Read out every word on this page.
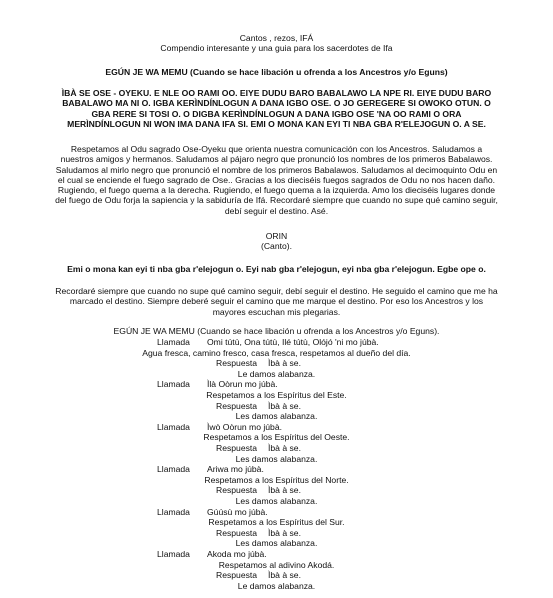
Cantos , rezos, IFÁ

Compendio interesante y una guia para los sacerdotes de Ifa

EGÚN JE WA MEMU (Cuando se hace libación u ofrenda a los Ancestros y/o Eguns)

ÌBÀ SE OSE - OYEKU. E NLE OO RAMI OO. EIYE DUDU BARO BABALAWO LA NPE RI. EIYE DUDU BARO

BABALAWO MA NI O. IGBA KERÌNDÍNLOGUN A DANA IGBO OSE. O JO GEREGERE SI OWOKO OTUN. O

GBA RERE SI TOSI O. O DIGBA KERÌNDÍNLOGUN A DANA IGBO OSE 'NA OO RAMI O ORA

MERÌNDÍNLOGUN NI WON IMA DANA IFA SI. EMI O MONA KAN EYI TI NBA GBA R'ELEJOGUN O. A SE.

Respetamos al Odu sagrado Ose-Oyeku que orienta nuestra comunicación con los Ancestros. Saludamos a

nuestros amigos y hermanos. Saludamos al pájaro negro que pronunció los nombres de los primeros Babalawos.

Saludamos al mirlo negro que pronunció el nombre de los primeros Babalawos. Saludamos al decimoquinto Odu en

el cual se enciende el fuego sagrado de Ose.. Gracias a los dieciséis fuegos sagrados de Odu no nos hacen daño.

Rugiendo, el fuego quema a la derecha. Rugiendo, el fuego quema a la izquierda. Amo los dieciséis lugares donde

del fuego de Odu forja la sapiencia y la sabiduría de Ifá. Recordaré siempre que cuando no supe qué camino seguir,

debí seguir el destino. Asé.

ORIN

(Canto).

Emi o mona kan eyi ti nba gba r'elejogun o. Eyi nab gba r'elejogun, eyi nba gba r'elejogun. Egbe ope o.

Recordaré siempre que cuando no supe qué camino seguir, debí seguir el destino. He seguido el camino que me ha

marcado el destino. Siempre deberé seguir el camino que me marque el destino. Por eso los Ancestros y los

mayores escuchan mis plegarias.

EGÚN JE WA MEMU (Cuando se hace libación u ofrenda a los Ancestros y/o Eguns).

Llamada Omi tútù, Ona tútù, Ilé tútù, Olójó 'ni mo júbà.
Agua fresca, camino fresco, casa fresca, respetamos al dueño del día.
Respuesta Ìbà à se.
Le damos alabanza.
Llamada Ìlà Oòrun mo júbà.
Respetamos a los Espíritus del Este.
Respuesta Ìbà à se.
Les damos alabanza.
Llamada Ìwò Oòrun mo júbà.
Respetamos a los Espíritus del Oeste.
Respuesta Ìbà à se.
Les damos alabanza.
Llamada Ariwa mo júbà.
Respetamos a los Espíritus del Norte.
Respuesta Ìbà à se.
Les damos alabanza.
Llamada Gúúsù mo júbà.
Respetamos a los Espíritus del Sur.
Respuesta Ìbà à se.
Les damos alabanza.
Llamada Akoda mo júbà.
Respetamos al adivino Akodá.
Respuesta Ìbà à se.
Le damos alabanza.
